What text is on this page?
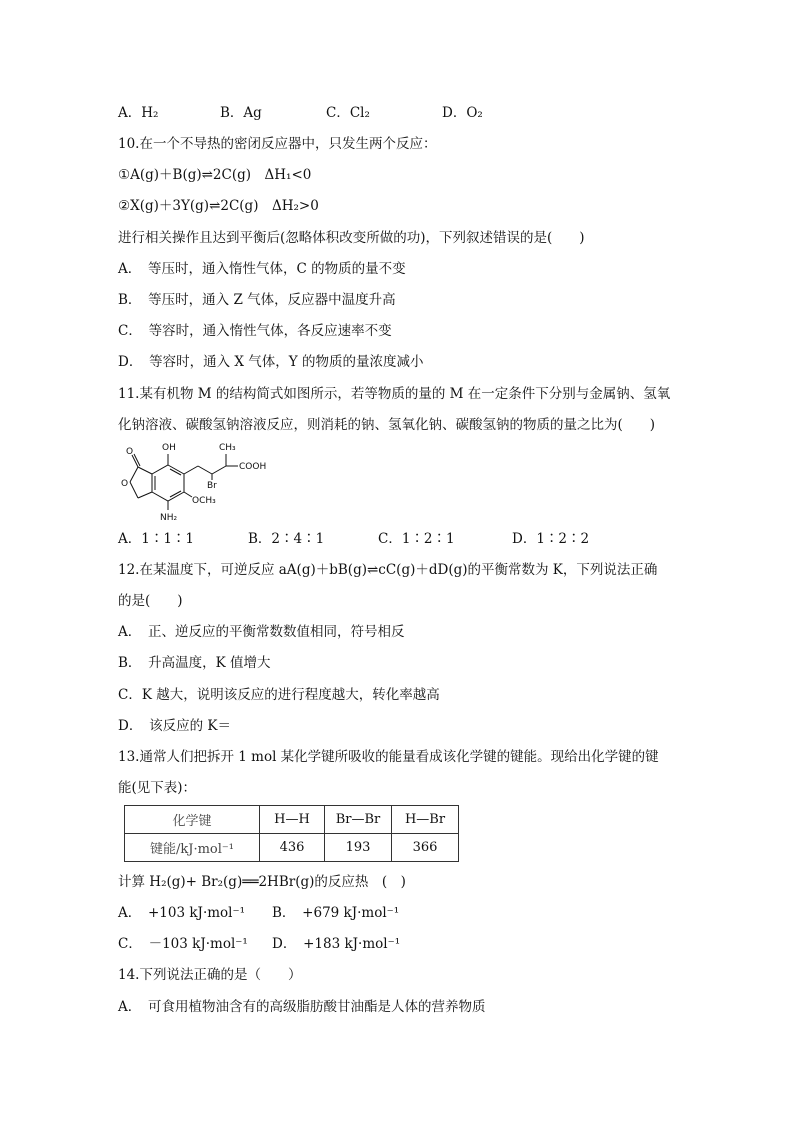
A．H₂	B．Ag	C．Cl₂	D．O₂
10.在一个不导热的密闭反应器中，只发生两个反应：
①A(g)＋B(g)⇌2C(g)　ΔH₁<0
②X(g)＋3Y(g)⇌2C(g)　ΔH₂>0
进行相关操作且达到平衡后(忽略体积改变所做的功)，下列叙述错误的是(　　)
A．　等压时，通入惰性气体，C 的物质的量不变
B．　等压时，通入 Z 气体，反应器中温度升高
C．　等容时，通入惰性气体，各反应速率不变
D．　等容时，通入 X 气体，Y 的物质的量浓度减小
11.某有机物 M 的结构简式如图所示，若等物质的量的 M 在一定条件下分别与金属钠、氢氧
化钠溶液、碳酸氢钠溶液反应，则消耗的钠、氢氧化钠、碳酸氢钠的物质的量之比为(　　)
O
O
OH	CH₃
COOH
Br
OCH₃
NH₂
A．1∶1∶1	B．2∶4∶1	C．1∶2∶1	D．1∶2∶2
12.在某温度下，可逆反应 aA(g)＋bB(g)⇌cC(g)＋dD(g)的平衡常数为 K，下列说法正确
的是(　　)
A．　正、逆反应的平衡常数数值相同，符号相反
B．　升高温度，K 值增大
C．K 越大，说明该反应的进行程度越大，转化率越高
D．　该反应的 K＝
13.通常人们把拆开 1 mol 某化学键所吸收的能量看成该化学键的键能。现给出化学键的键
能(见下表)：
化学键	H—H	Br—Br	H—Br
键能/kJ·mol⁻¹	436	193	366
计算 H₂(g)+ Br₂(g)══2HBr(g)的反应热　(　)
A．　+103 kJ·mol⁻¹ B．　+679 kJ·mol⁻¹
C．　－103 kJ·mol⁻¹ D．　+183 kJ·mol⁻¹
14.下列说法正确的是（　　）
A．　可食用植物油含有的高级脂肪酸甘油酯是人体的营养物质
